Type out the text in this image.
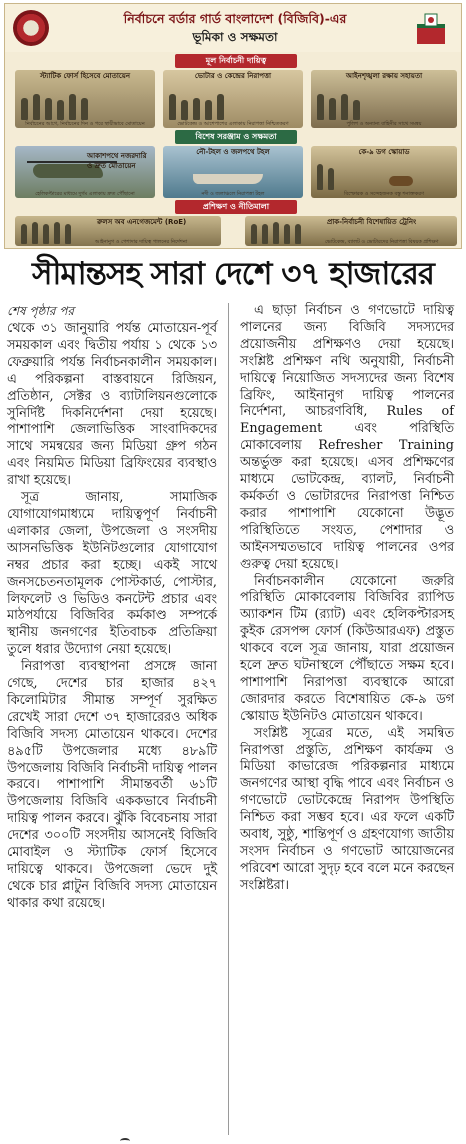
নির্বাচনে বর্ডার গার্ড বাংলাদেশ (বিজিবি)-এর
ভূমিকা ও সক্ষমতা
মূল নির্বাচনী দায়িত্ব
স্ট্যাটিক ফোর্স হিসেবে মোতায়েন
নির্বাচনের আগে, নির্বাচনের দিন ও পরে স্থায়ীভাবে মোতায়েন
ভোটার ও কেন্দ্রের নিরাপত্তা
ভোটকেন্দ্র ও আশেপাশের এলাকায় নিরাপত্তা নিশ্চিতকরণ
আইনশৃঙ্খলা রক্ষায় সহায়তা
পুলিশ ও অন্যান্য বাহিনীর সাথে সমন্বয়
বিশেষ সরঞ্জাম ও সক্ষমতা
আকাশপথে নজরদারি ও দ্রুত মোতায়েন
হেলিকপ্টারের মাধ্যমে দুর্গম এলাকায় দ্রুত পৌঁছানো
নৌ-টহল ও জলপথে টহল
নদী ও জলাঞ্চলে নিরাপত্তা টহল
কে-৯ ডগ স্কোয়াড
বিস্ফোরক ও সন্দেহজনক বস্তু শনাক্তকরণ
প্রশিক্ষণ ও নীতিমালা
রুলস অব এনগেজমেন্ট (RoE)
আইনানুগ ও পেশাদার দায়িত্ব পালনের নির্দেশনা
প্রাক-নির্বাচনী বিশেষায়িত ট্রেনিং
ভোটকেন্দ্র, ব্যালট ও ভোটারদের নিরাপত্তা বিষয়ক প্রশিক্ষণ
সীমান্তসহ সারা দেশে ৩৭ হাজারের
শেষ পৃষ্ঠার পর

থেকে ৩১ জানুয়ারি পর্যন্ত মোতায়েন-পূর্ব সময়কাল এবং দ্বিতীয় পর্যায় ১ থেকে ১৩ ফেব্রুয়ারি পর্যন্ত নির্বাচনকালীন সময়কাল। এ পরিকল্পনা বাস্তবায়নে রিজিয়ন, প্রতিষ্ঠান, সেক্টর ও ব্যাটালিয়নগুলোকে সুনির্দিষ্ট দিকনির্দেশনা দেয়া হয়েছে। পাশাপাশি জেলাভিত্তিক সাংবাদিকদের সাথে সমন্বয়ের জন্য মিডিয়া গ্রুপ গঠন এবং নিয়মিত মিডিয়া ব্রিফিংয়ের ব্যবস্থাও রাখা হয়েছে।

সূত্র জানায়, সামাজিক যোগাযোগমাধ্যমে দায়িত্বপূর্ণ নির্বাচনী এলাকার জেলা, উপজেলা ও সংসদীয় আসনভিত্তিক ইউনিটগুলোর যোগাযোগ নম্বর প্রচার করা হচ্ছে। একই সাথে জনসচেতনতামূলক পোস্টকার্ড, পোস্টার, লিফলেট ও ভিডিও কনটেন্ট প্রচার এবং মাঠপর্যায়ে বিজিবির কর্মকাণ্ড সম্পর্কে স্থানীয় জনগণের ইতিবাচক প্রতিক্রিয়া তুলে ধরার উদ্যোগ নেয়া হয়েছে।

নিরাপত্তা ব্যবস্থাপনা প্রসঙ্গে জানা গেছে, দেশের চার হাজার ৪২৭ কিলোমিটার সীমান্ত সম্পূর্ণ সুরক্ষিত রেখেই সারা দেশে ৩৭ হাজারেরও অধিক বিজিবি সদস্য মোতায়েন থাকবে। দেশের ৪৯৫টি উপজেলার মধ্যে ৪৮৯টি উপজেলায় বিজিবি নির্বাচনী দায়িত্ব পালন করবে। পাশাপাশি সীমান্তবর্তী ৬১টি উপজেলায় বিজিবি এককভাবে নির্বাচনী দায়িত্ব পালন করবে। ঝুঁকি বিবেচনায় সারা দেশের ৩০০টি সংসদীয় আসনেই বিজিবি মোবাইল ও স্ট্যাটিক ফোর্স হিসেবে দায়িত্বে থাকবে। উপজেলা ভেদে দুই থেকে চার প্লাটুন বিজিবি সদস্য মোতায়েন থাকার কথা রয়েছে।

এ ছাড়া নির্বাচন ও গণভোটে দায়িত্ব পালনের জন্য বিজিবি সদস্যদের প্রয়োজনীয় প্রশিক্ষণও দেয়া হয়েছে। সংশ্লিষ্ট প্রশিক্ষণ নথি অনুযায়ী, নির্বাচনী দায়িত্বে নিয়োজিত সদস্যদের জন্য বিশেষ ব্রিফিং, আইনানুগ দায়িত্ব পালনের নির্দেশনা, আচরণবিধি, Rules of Engagement এবং পরিস্থিতি মোকাবেলায় Refresher Training অন্তর্ভুক্ত করা হয়েছে। এসব প্রশিক্ষণের মাধ্যমে ভোটকেন্দ্র, ব্যালট, নির্বাচনী কর্মকর্তা ও ভোটারদের নিরাপত্তা নিশ্চিত করার পাশাপাশি যেকোনো উদ্ভূত পরিস্থিতিতে সংযত, পেশাদার ও আইনসম্মতভাবে দায়িত্ব পালনের ওপর গুরুত্ব দেয়া হয়েছে।

নির্বাচনকালীন যেকোনো জরুরি পরিস্থিতি মোকাবেলায় বিজিবির র‍্যাপিড অ্যাকশন টিম (র‍্যাট) এবং হেলিকপ্টারসহ কুইক রেসপন্স ফোর্স (কিউআরএফ) প্রস্তুত থাকবে বলে সূত্র জানায়, যারা প্রয়োজন হলে দ্রুত ঘটনাস্থলে পৌঁছাতে সক্ষম হবে। পাশাপাশি নিরাপত্তা ব্যবস্থাকে আরো জোরদার করতে বিশেষায়িত কে-৯ ডগ স্কোয়াড ইউনিটও মোতায়েন থাকবে।

সংশ্লিষ্ট সূত্রের মতে, এই সমন্বিত নিরাপত্তা প্রস্তুতি, প্রশিক্ষণ কার্যক্রম ও মিডিয়া কাভারেজ পরিকল্পনার মাধ্যমে জনগণের আস্থা বৃদ্ধি পাবে এবং নির্বাচন ও গণভোটে ভোটকেন্দ্রে নিরাপদ উপস্থিতি নিশ্চিত করা সম্ভব হবে। এর ফলে একটি অবাধ, সুষ্ঠু, শান্তিপূর্ণ ও গ্রহণযোগ্য জাতীয় সংসদ নির্বাচন ও গণভোট আয়োজনের পরিবেশ আরো সুদৃঢ় হবে বলে মনে করছেন সংশ্লিষ্টরা।
